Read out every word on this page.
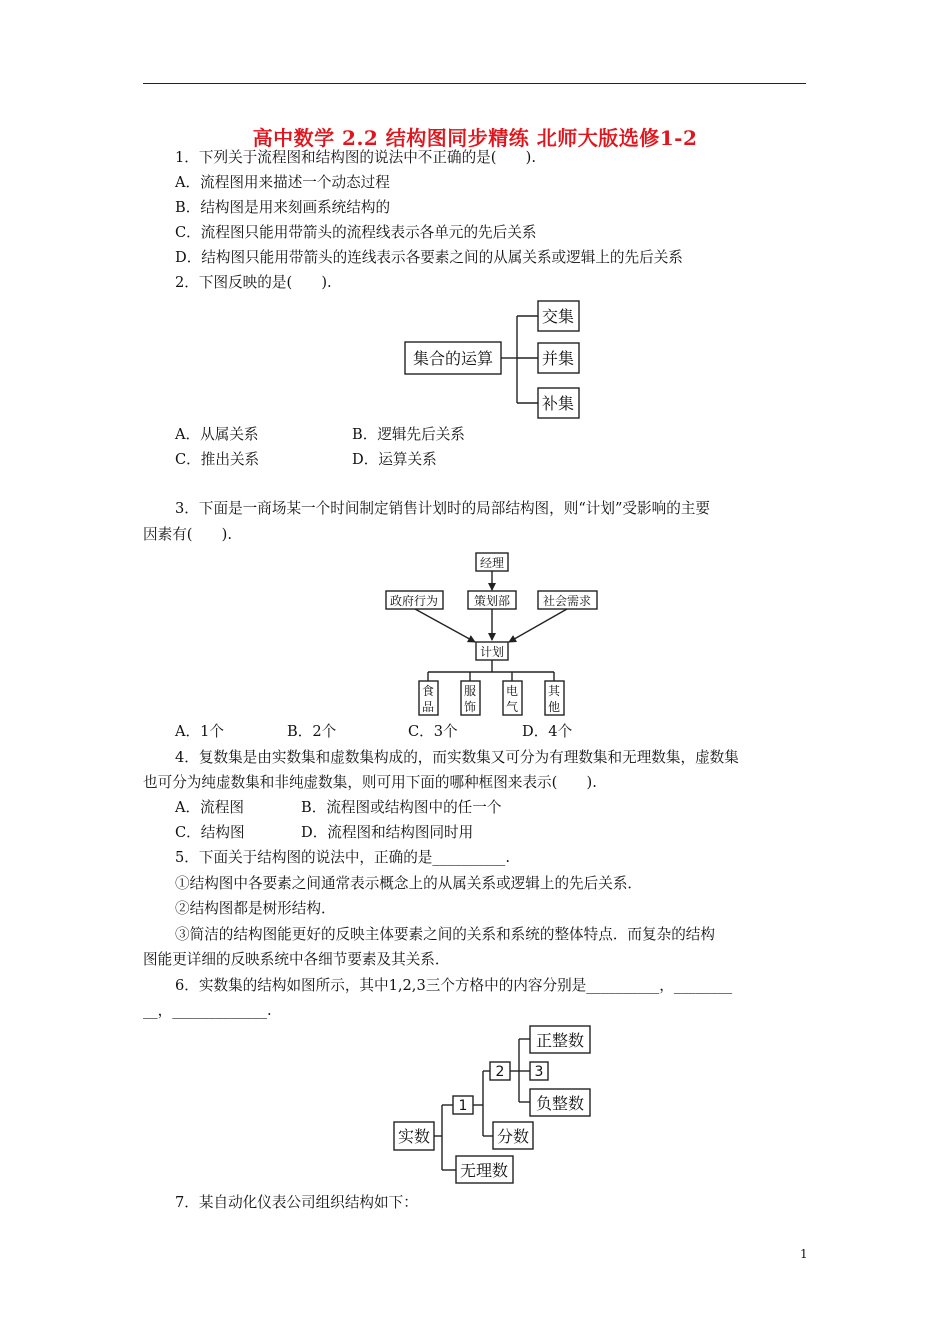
高中数学 2.2 结构图同步精练 北师大版选修1-2
1．下列关于流程图和结构图的说法中不正确的是(　　).
A．流程图用来描述一个动态过程
B．结构图是用来刻画系统结构的
C．流程图只能用带箭头的流程线表示各单元的先后关系
D．结构图只能用带箭头的连线表示各要素之间的从属关系或逻辑上的先后关系
2．下图反映的是(　　).
集合的运算
交集
并集
补集
A．从属关系	B．逻辑先后关系
C．推出关系	D．运算关系
3．下面是一商场某一个时间制定销售计划时的局部结构图，则“计划”受影响的主要
因素有(　　).
经理
政府行为	策划部	社会需求
计划
食
品
服
饰
电
气
其
他
A．1个	B．2个	C．3个	D．4个
4．复数集是由实数集和虚数集构成的，而实数集又可分为有理数集和无理数集，虚数集
也可分为纯虚数集和非纯虚数集，则可用下面的哪种框图来表示(　　).
A．流程图	B．流程图或结构图中的任一个
C．结构图	D．流程图和结构图同时用
5．下面关于结构图的说法中，正确的是__________.
①结构图中各要素之间通常表示概念上的从属关系或逻辑上的先后关系．
②结构图都是树形结构．
③简洁的结构图能更好的反映主体要素之间的关系和系统的整体特点．而复杂的结构
图能更详细的反映系统中各细节要素及其关系．
6．实数集的结构如图所示，其中1,2,3三个方格中的内容分别是__________，________
__，_____________.
实数
1
2 3
正整数
负整数
分数
无理数
7．某自动化仪表公司组织结构如下：
1
